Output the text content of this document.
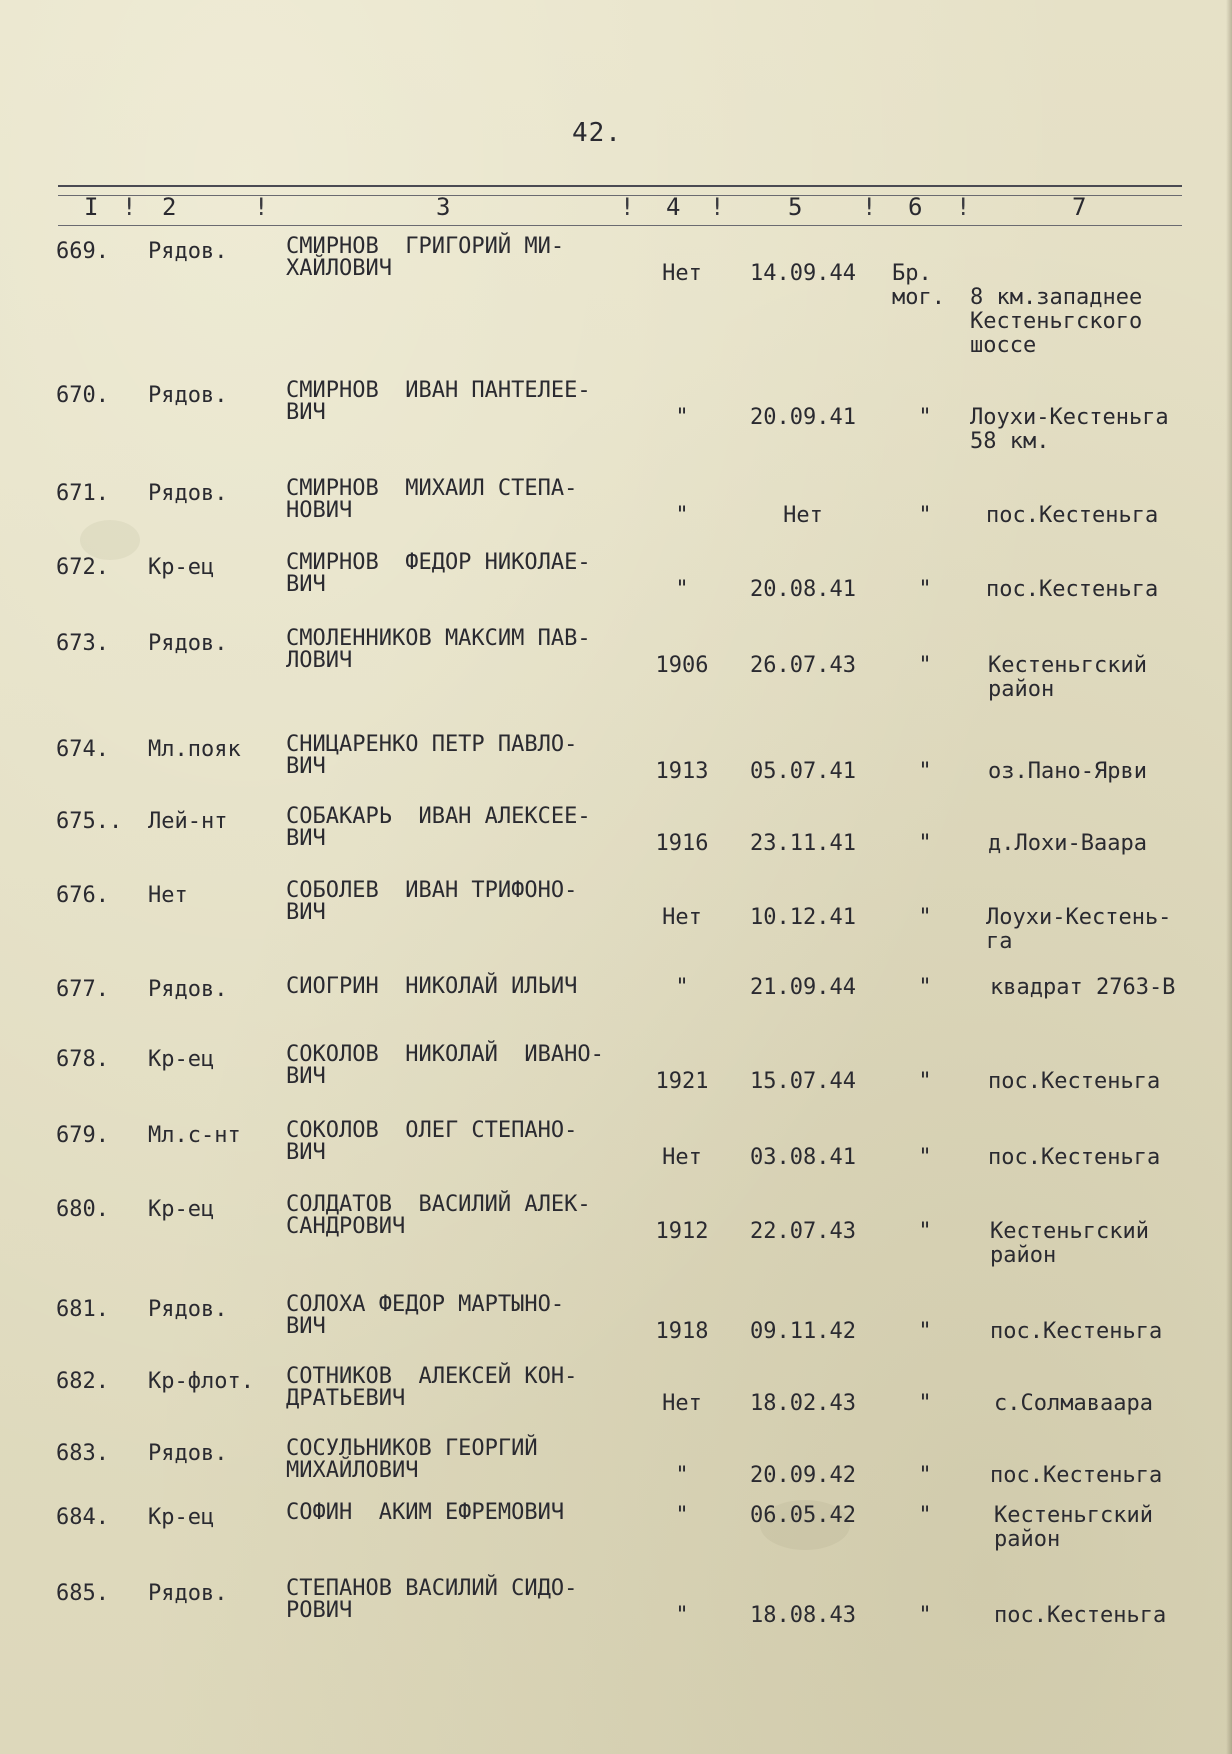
42.
I ! 2	!	3	! 4 !	5 ! 6 !	7
669. Рядов.	СМИРНОВ  ГРИГОРИЙ МИ-
ХАЙЛОВИЧ	Нет	14.09.44	Бр.
мог.	8 км.западнее
Кестеньгского
шоссе
670. Рядов.	СМИРНОВ  ИВАН ПАНТЕЛЕЕ-
ВИЧ	"	20.09.41	"	Лоухи-Кестеньга
58 км.
671. Рядов.	СМИРНОВ  МИХАИЛ СТЕПА-
НОВИЧ	"	Нет	"	пос.Кестеньга
672. Кр-ец	СМИРНОВ  ФЕДОР НИКОЛАЕ-
ВИЧ	"	20.08.41	"	пос.Кестеньга
673. Рядов.	СМОЛЕННИКОВ МАКСИМ ПАВ-
ЛОВИЧ	1906	26.07.43	"	Кестеньгский
район
674. Мл.пояк СНИЦАРЕНКО ПЕТР ПАВЛО-
ВИЧ	1913	05.07.41	"	оз.Пано-Ярви
675.. Лей-нт	СОБАКАРЬ  ИВАН АЛЕКСЕЕ-
ВИЧ	1916	23.11.41	"	д.Лохи-Ваара
676. Нет	СОБОЛЕВ  ИВАН ТРИФОНО-
ВИЧ	Нет	10.12.41	"	Лоухи-Кестень-
га
677. Рядов.	СИОГРИН  НИКОЛАЙ ИЛЬИЧ	"	21.09.44	"	квадрат 2763-В
678. Кр-ец	СОКОЛОВ  НИКОЛАЙ  ИВАНО-
ВИЧ	1921	15.07.44	"	пос.Кестеньга
679. Мл.с-нт СОКОЛОВ  ОЛЕГ СТЕПАНО-
ВИЧ	Нет	03.08.41	"	пос.Кестеньга
680. Кр-ец	СОЛДАТОВ  ВАСИЛИЙ АЛЕК-
САНДРОВИЧ	1912	22.07.43	"	Кестеньгский
район
681. Рядов.	СОЛОХА ФЕДОР МАРТЫНО-
ВИЧ	1918	09.11.42	"	пос.Кестеньга
682. Кр-флот. СОТНИКОВ  АЛЕКСЕЙ КОН-
ДРАТЬЕВИЧ	Нет	18.02.43	"	с.Солмаваара
683. Рядов.	СОСУЛЬНИКОВ ГЕОРГИЙ
МИХАЙЛОВИЧ	"	20.09.42	"	пос.Кестеньга
684. Кр-ец	СОФИН  АКИМ ЕФРЕМОВИЧ	"	06.05.42	"	Кестеньгский
район
685. Рядов.	СТЕПАНОВ ВАСИЛИЙ СИДО-
РОВИЧ	"	18.08.43	"	пос.Кестеньга
